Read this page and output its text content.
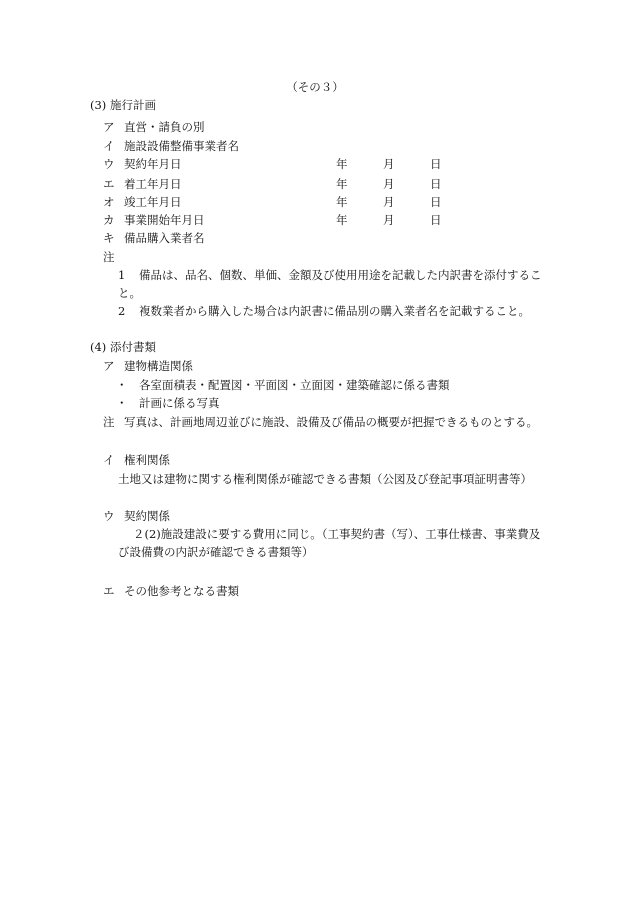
（その３）
(3) 施行計画
ア 直営・請負の別
イ 施設設備整備事業者名
ウ 契約年月日	年	月	日
エ 着工年月日	年	月	日
オ 竣工年月日	年	月	日
カ 事業開始年月日	年	月	日
キ 備品購入業者名
注
1 備品は、品名、個数、単価、金額及び使用用途を記載した内訳書を添付するこ
と。
2 複数業者から購入した場合は内訳書に備品別の購入業者名を記載すること。
(4) 添付書類
ア 建物構造関係
・ 各室面積表・配置図・平面図・立面図・建築確認に係る書類
・ 計画に係る写真
注 写真は、計画地周辺並びに施設、設備及び備品の概要が把握できるものとする。
イ 権利関係
土地又は建物に関する権利関係が確認できる書類（公図及び登記事項証明書等）
ウ 契約関係
２(2)施設建設に要する費用に同じ。（工事契約書（写）、工事仕様書、事業費及
び設備費の内訳が確認できる書類等）
エ その他参考となる書類
